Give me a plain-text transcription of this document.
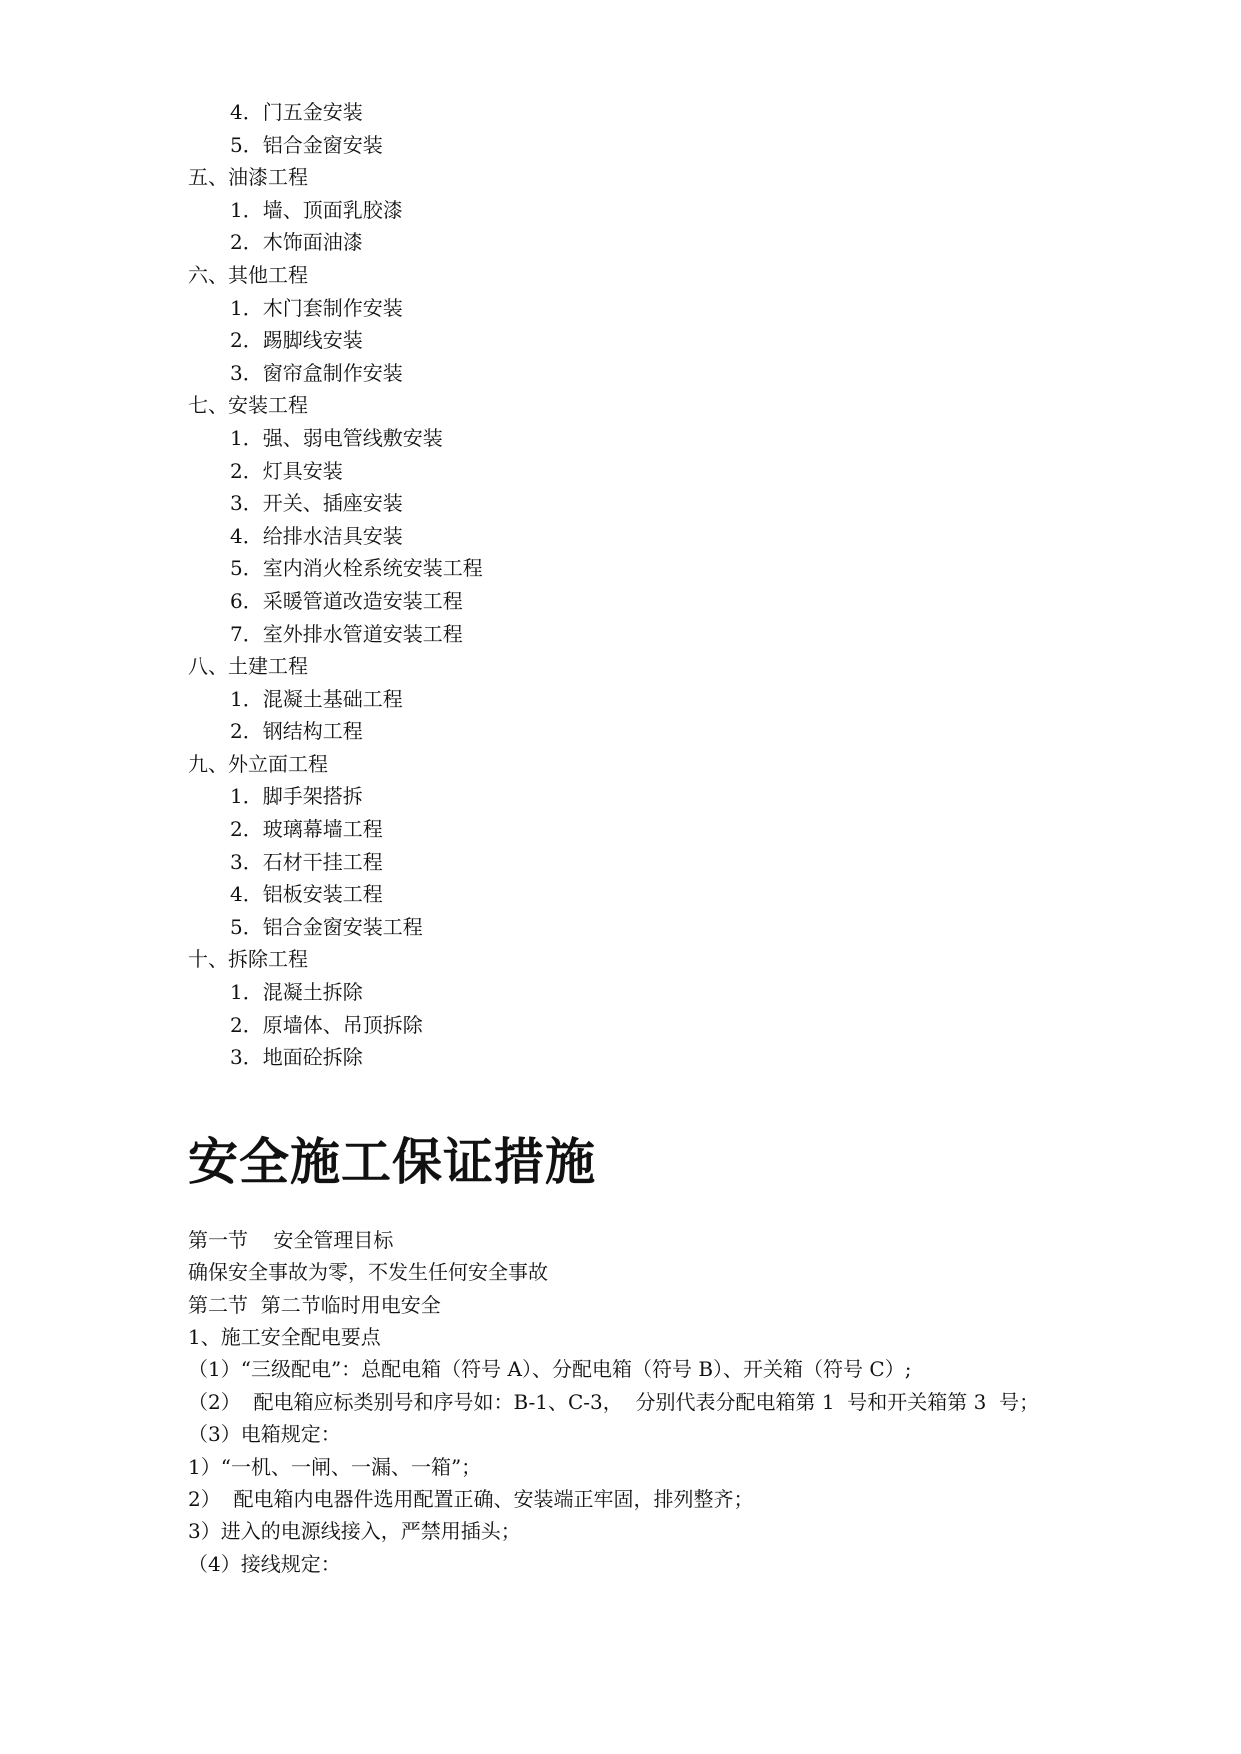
4．门五金安装
5．铝合金窗安装
五、油漆工程
1．墙、顶面乳胶漆
2．木饰面油漆
六、其他工程
1．木门套制作安装
2．踢脚线安装
3．窗帘盒制作安装
七、安装工程
1．强、弱电管线敷安装
2．灯具安装
3．开关、插座安装
4．给排水洁具安装
5．室内消火栓系统安装工程
6．采暖管道改造安装工程
7．室外排水管道安装工程
八、土建工程
1．混凝土基础工程
2．钢结构工程
九、外立面工程
1．脚手架搭拆
2．玻璃幕墙工程
3．石材干挂工程
4．铝板安装工程
5．铝合金窗安装工程
十、拆除工程
1．混凝土拆除
2．原墙体、吊顶拆除
3．地面砼拆除
安全施工保证措施
第一节    安全管理目标
确保安全事故为零，不发生任何安全事故
第二节  第二节临时用电安全
1、施工安全配电要点
（1）“三级配电”：总配电箱（符号 A）、分配电箱（符号 B）、开关箱（符号 C）;
（2）  配电箱应标类别号和序号如：B-1、C-3，  分别代表分配电箱第 1  号和开关箱第 3  号；
（3）电箱规定：
1）“一机、一闸、一漏、一箱”；
2）  配电箱内电器件选用配置正确、安装端正牢固，排列整齐；
3）进入的电源线接入，严禁用插头；
（4）接线规定：
